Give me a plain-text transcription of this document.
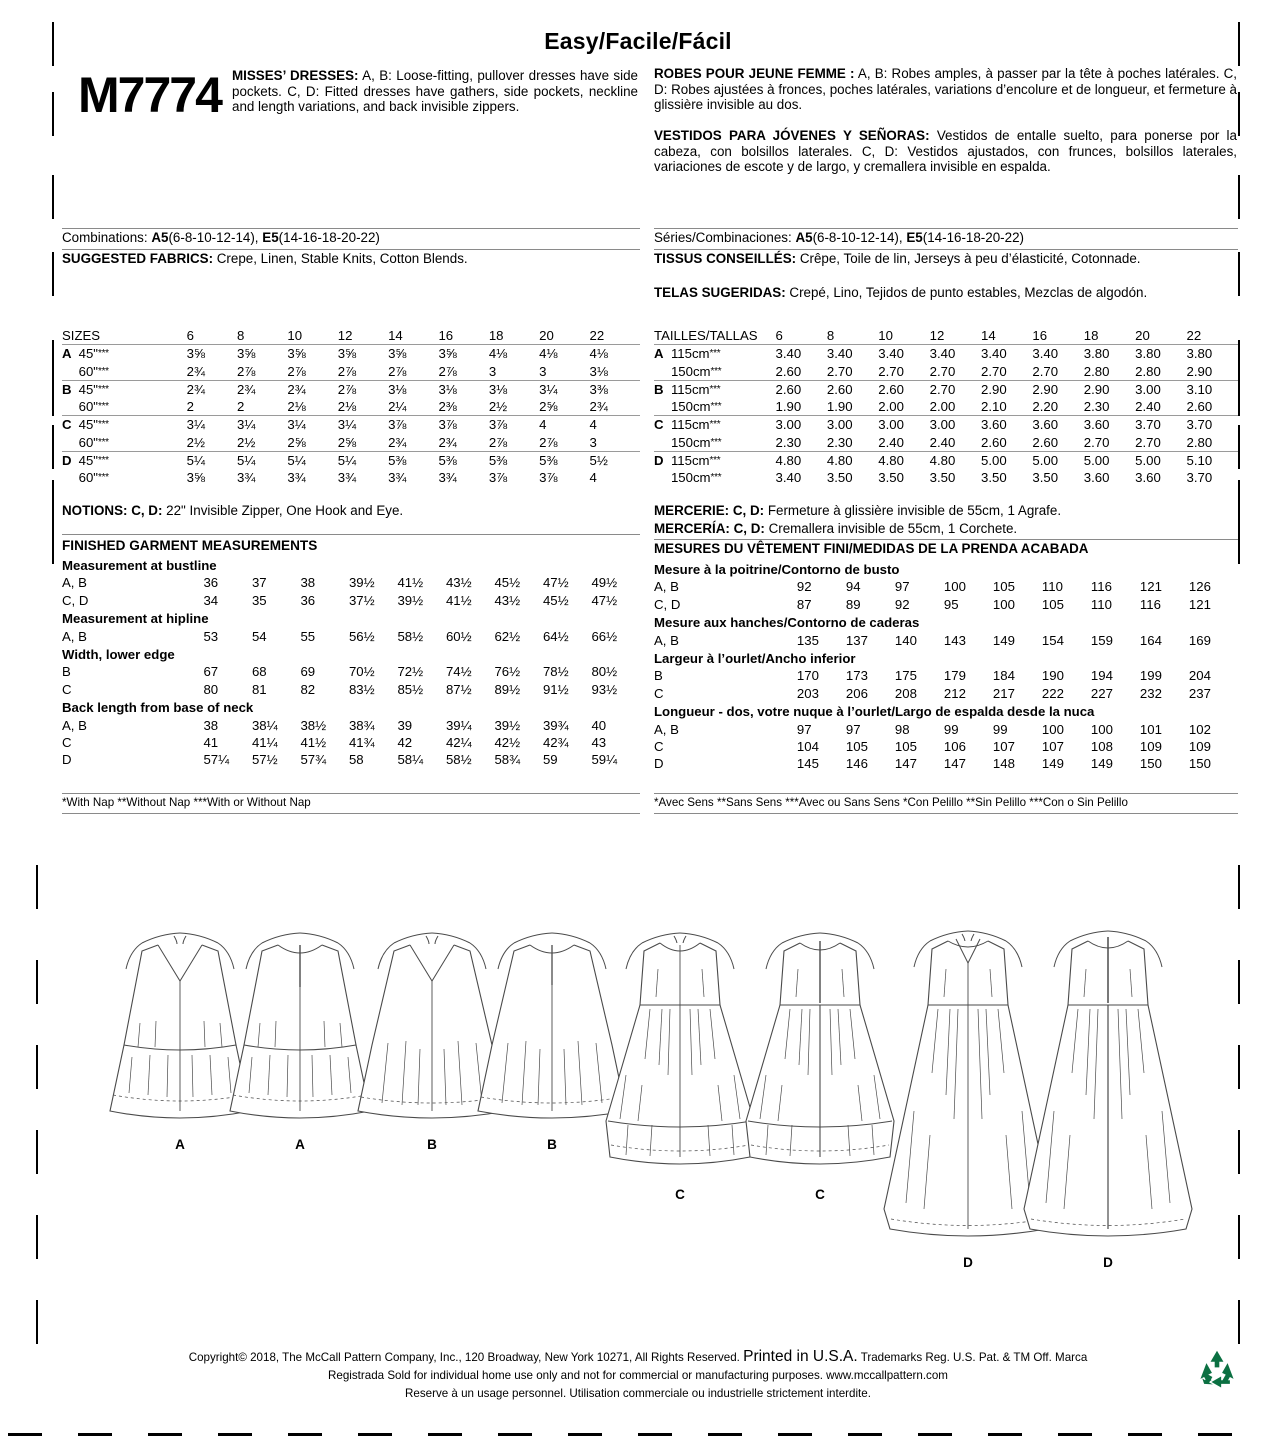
Easy/Facile/Fácil
M7774 MISSES’ DRESSES: A, B: Loose-fitting, pullover dresses have side pockets. C, D: Fitted dresses have gathers, side pockets, neckline and length variations, and back invisible zippers.
ROBES POUR JEUNE FEMME : A, B: Robes amples, à passer par la tête à poches latérales. C, D: Robes ajustées à fronces, poches latérales, variations d’encolure et de longueur, et fermeture à glissière invisible au dos.
VESTIDOS PARA JÓVENES Y SEÑORAS: Vestidos de entalle suelto, para ponerse por la cabeza, con bolsillos laterales. C, D: Vestidos ajustados, con frunces, bolsillos laterales, variaciones de escote y de largo, y cremallera invisible en espalda.
Combinations: A5(6-8-10-12-14), E5(14-16-18-20-22)
SUGGESTED FABRICS: Crepe, Linen, Stable Knits, Cotton Blends.
SIZES		6	8	10	12	14	16	18	20	22
A	45"***	3⅝	3⅝	3⅝	3⅝	3⅝	3⅝	4⅛	4⅛	4⅛
	60"***	2¾	2⅞	2⅞	2⅞	2⅞	2⅞	3	3	3⅛
B	45"***	2¾	2¾	2¾	2⅞	3⅛	3⅛	3⅛	3¼	3⅜
	60"***	2	2	2⅛	2⅛	2¼	2⅜	2½	2⅝	2¾
C	45"***	3¼	3¼	3¼	3¼	3⅞	3⅞	3⅞	4	4
	60"***	2½	2½	2⅝	2⅝	2¾	2¾	2⅞	2⅞	3
D	45"***	5¼	5¼	5¼	5¼	5⅜	5⅜	5⅜	5⅜	5½
	60"***	3⅝	3¾	3¾	3¾	3¾	3¾	3⅞	3⅞	4
NOTIONS: C, D: 22" Invisible Zipper, One Hook and Eye.
FINISHED GARMENT MEASUREMENTS
Measurement at bustline									
A, B	36	37	38	39½	41½	43½	45½	47½	49½
C, D	34	35	36	37½	39½	41½	43½	45½	47½
Measurement at hipline									
A, B	53	54	55	56½	58½	60½	62½	64½	66½
Width, lower edge									
B	67	68	69	70½	72½	74½	76½	78½	80½
C	80	81	82	83½	85½	87½	89½	91½	93½
Back length from base of neck									
A, B	38	38¼	38½	38¾	39	39¼	39½	39¾	40
C	41	41¼	41½	41¾	42	42¼	42½	42¾	43
D	57¼	57½	57¾	58	58¼	58½	58¾	59	59¼
*With Nap **Without Nap ***With or Without Nap
Séries/Combinaciones: A5(6-8-10-12-14), E5(14-16-18-20-22)
TISSUS CONSEILLÉS: Crêpe, Toile de lin, Jerseys à peu d’élasticité, Cotonnade.
TELAS SUGERIDAS: Crepé, Lino, Tejidos de punto estables, Mezclas de algodón.
TAILLES/TALLAS		6	8	10	12	14	16	18	20	22
A	115cm***	3.40	3.40	3.40	3.40	3.40	3.40	3.80	3.80	3.80
	150cm***	2.60	2.70	2.70	2.70	2.70	2.70	2.80	2.80	2.90
B	115cm***	2.60	2.60	2.60	2.70	2.90	2.90	2.90	3.00	3.10
	150cm***	1.90	1.90	2.00	2.00	2.10	2.20	2.30	2.40	2.60
C	115cm***	3.00	3.00	3.00	3.00	3.60	3.60	3.60	3.70	3.70
	150cm***	2.30	2.30	2.40	2.40	2.60	2.60	2.70	2.70	2.80
D	115cm***	4.80	4.80	4.80	4.80	5.00	5.00	5.00	5.00	5.10
	150cm***	3.40	3.50	3.50	3.50	3.50	3.50	3.60	3.60	3.70
MERCERIE: C, D: Fermeture à glissière invisible de 55cm, 1 Agrafe.
MERCERÍA: C, D: Cremallera invisible de 55cm, 1 Corchete.
MESURES DU VÊTEMENT FINI/MEDIDAS DE LA PRENDA ACABADA
Mesure à la poitrine/Contorno de busto									
A, B	92	94	97	100	105	110	116	121	126
C, D	87	89	92	95	100	105	110	116	121
Mesure aux hanches/Contorno de caderas									
A, B	135	137	140	143	149	154	159	164	169
Largeur à l’ourlet/Ancho inferior									
B	170	173	175	179	184	190	194	199	204
C	203	206	208	212	217	222	227	232	237
Longueur - dos, votre nuque à l’ourlet/Largo de espalda desde la nuca									
A, B	97	97	98	99	99	100	100	101	102
C	104	105	105	106	107	107	108	109	109
D	145	146	147	147	148	149	149	150	150
*Avec Sens **Sans Sens ***Avec ou Sans Sens *Con Pelillo **Sin Pelillo ***Con o Sin Pelillo
A	A	B	B
C	C
D	D
Copyright© 2018, The McCall Pattern Company, Inc., 120 Broadway, New York 10271, All Rights Reserved. Printed in U.S.A. Trademarks Reg. U.S. Pat. & TM Off. Marca
Registrada Sold for individual home use only and not for commercial or manufacturing purposes. www.mccallpattern.com
Reserve à un usage personnel. Utilisation commerciale ou industrielle strictement interdite.
